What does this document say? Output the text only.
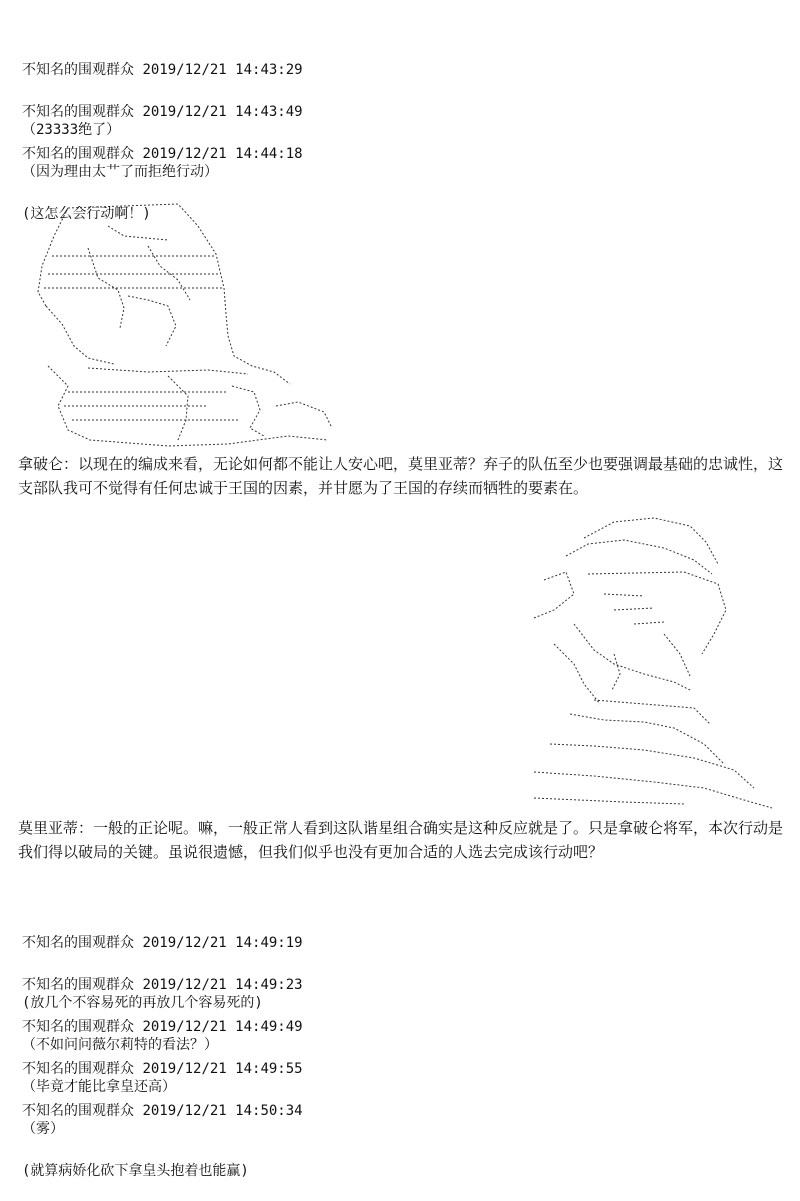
不知名的围观群众 2019/12/21 14:43:29

（23333绝了）

不知名的围观群众 2019/12/21 14:43:49

（因为理由太艹了而拒绝行动）

不知名的围观群众 2019/12/21 14:44:18

(这怎么会行动啊！)

拿破仑：以现在的编成来看，无论如何都不能让人安心吧，莫里亚蒂？弃子的队伍至少也要强调最基础的忠诚性，这支部队我可不觉得有任何忠诚于王国的因素，并甘愿为了王国的存续而牺牲的要素在。
莫里亚蒂：一般的正论呢。嘛，一般正常人看到这队谐星组合确实是这种反应就是了。只是拿破仑将军，本次行动是我们得以破局的关键。虽说很遗憾，但我们似乎也没有更加合适的人选去完成该行动吧？

不知名的围观群众 2019/12/21 14:49:19

(放几个不容易死的再放几个容易死的)

不知名的围观群众 2019/12/21 14:49:23

（不如问问薇尔莉特的看法？）

不知名的围观群众 2019/12/21 14:49:49

（毕竟才能比拿皇还高）

不知名的围观群众 2019/12/21 14:49:55

（雾）

不知名的围观群众 2019/12/21 14:50:34

(就算病娇化砍下拿皇头抱着也能赢)
